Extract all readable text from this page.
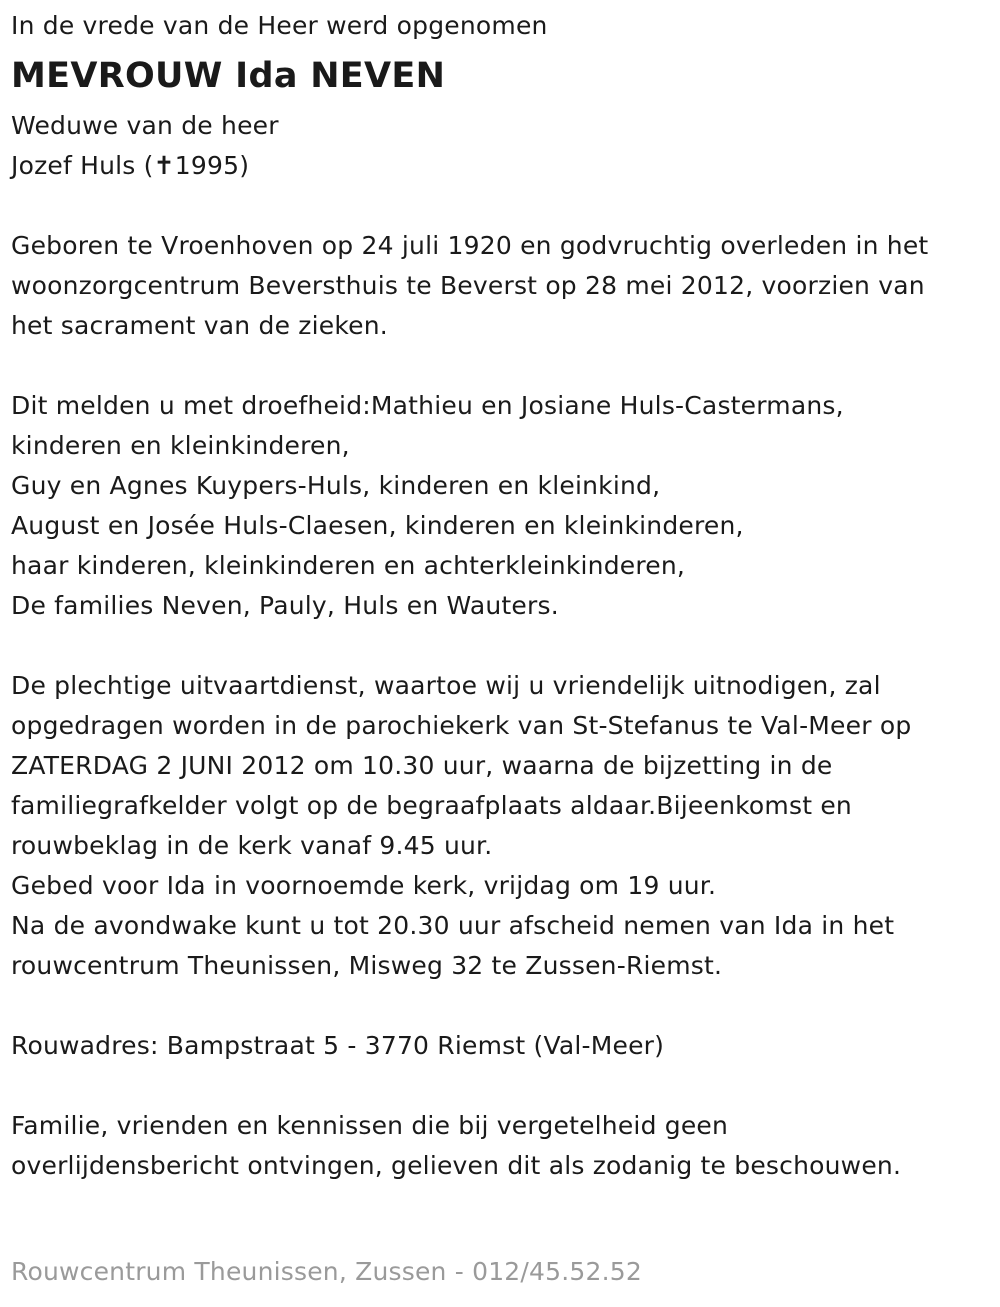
In de vrede van de Heer werd opgenomen
MEVROUW Ida NEVEN
Weduwe van de heer
Jozef Huls (✝1995)
Geboren te Vroenhoven op 24 juli 1920 en godvruchtig overleden in het
woonzorgcentrum Beversthuis te Beverst op 28 mei 2012, voorzien van
het sacrament van de zieken.
Dit melden u met droefheid:Mathieu en Josiane Huls-Castermans,
kinderen en kleinkinderen,
Guy en Agnes Kuypers-Huls, kinderen en kleinkind,
August en Josée Huls-Claesen, kinderen en kleinkinderen,
haar kinderen, kleinkinderen en achterkleinkinderen,
De families Neven, Pauly, Huls en Wauters.
De plechtige uitvaartdienst, waartoe wij u vriendelijk uitnodigen, zal
opgedragen worden in de parochiekerk van St-Stefanus te Val-Meer op
ZATERDAG 2 JUNI 2012 om 10.30 uur, waarna de bijzetting in de
familiegrafkelder volgt op de begraafplaats aldaar.Bijeenkomst en
rouwbeklag in de kerk vanaf 9.45 uur.
Gebed voor Ida in voornoemde kerk, vrijdag om 19 uur.
Na de avondwake kunt u tot 20.30 uur afscheid nemen van Ida in het
rouwcentrum Theunissen, Misweg 32 te Zussen-Riemst.
Rouwadres: Bampstraat 5 - 3770 Riemst (Val-Meer)
Familie, vrienden en kennissen die bij vergetelheid geen
overlijdensbericht ontvingen, gelieven dit als zodanig te beschouwen.
Rouwcentrum Theunissen, Zussen - 012/45.52.52
